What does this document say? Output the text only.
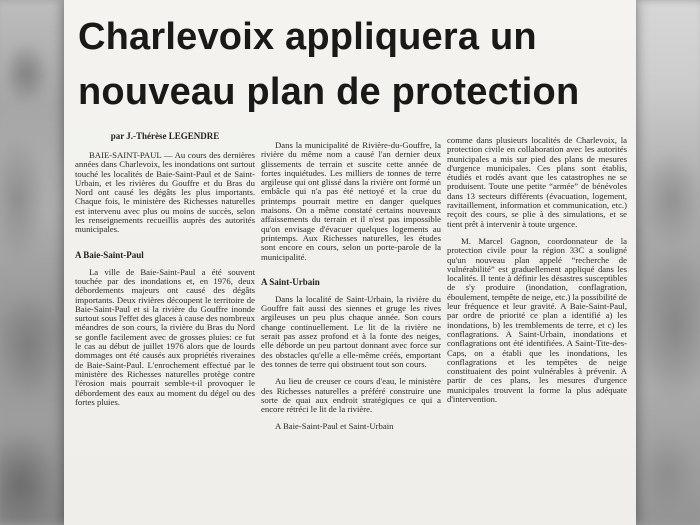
Charlevoix appliquera un
nouveau plan de protection
par J.-Thérèse LEGENDRE

BAIE-SAINT-PAUL — Au cours des dernières années dans Charlevoix, les inondations ont surtout touché les localités de Baie-Saint-Paul et de Saint-Urbain, et les rivières du Gouffre et du Bras du Nord ont causé les dégâts les plus importants. Chaque fois, le ministère des Richesses naturelles est intervenu avec plus ou moins de succès, selon les renseignements recueillis auprès des autorités municipales.

A Baie-Saint-Paul

La ville de Baie-Saint-Paul a été souvent touchée par des inondations et, en 1976, deux débordements majeurs ont causé des dégâts importants. Deux rivières découpent le territoire de Baie-Saint-Paul et si la rivière du Gouffre inonde surtout sous l'effet des glaces à cause des nombreux méandres de son cours, la rivière du Bras du Nord se gonfle facilement avec de grosses pluies: ce fut le cas au début de juillet 1976 alors que de lourds dommages ont été causés aux propriétés riveraines de Baie-Saint-Paul. L'enrochement effectué par le ministère des Richesses naturelles protège contre l'érosion mais pourrait semble-t-il provoquer le débordement des eaux au moment du dégel ou des fortes pluies.

Dans la municipalité de Rivière-du-Gouffre, la rivière du même nom a causé l'an dernier deux glissements de terrain et suscite cette année de fortes inquiétudes. Les milliers de tonnes de terre argileuse qui ont glissé dans la rivière ont formé un embâcle qui n'a pas été nettoyé et la crue du printemps pourrait mettre en danger quelques maisons. On a même constaté certains nouveaux affaissements du terrain et il n'est pas impossible qu'on envisage d'évacuer quelques logements au printemps. Aux Richesses naturelles, les études sont encore en cours, selon un porte-parole de la municipalité.

A Saint-Urbain

Dans la localité de Saint-Urbain, la rivière du Gouffre fait aussi des siennes et gruge les rives argileuses un peu plus chaque année. Son cours change continuellement. Le lit de la rivière ne serait pas assez profond et à la fonte des neiges, elle déborde un peu partout donnant avec force sur des obstacles qu'elle a elle-même créés, emportant des tonnes de terre qui obstruent tout son cours.

Au lieu de creuser ce cours d'eau, le ministère des Richesses naturelles a préféré construire une sorte de quai aux endroit stratégiques ce qui a encore rétréci le lit de la rivière.

A Baie-Saint-Paul et Saint-Urbain

comme dans plusieurs localités de Charlevoix, la protection civile en collaboration avec les autorités municipales a mis sur pied des plans de mesures d'urgence municipales. Ces plans sont établis, étudiés et rodés avant que les catastrophes ne se produisent. Toute une petite “armée” de bénévoles dans 13 secteurs différents (évacuation, logement, ravitaillement, information et communication, etc.) reçoit des cours, se plie à des simulations, et se tient prêt à intervenir à toute urgence.

M. Marcel Gagnon, coordonnateur de la protection civile pour la région 33C a souligné qu'un nouveau plan appelé “recherche de vulnérabilité” est graduellement appliqué dans les localités. Il tente à définir les désastres susceptibles de s'y produire (inondation, conflagration, éboulement, tempête de neige, etc.) la possibilité de leur fréquence et leur gravité. A Baie-Saint-Paul, par ordre de priorité ce plan a identifié a) les inondations, b) les tremblements de terre, et c) les conflagrations. A Saint-Urbain, inondations et conflagrations ont été identifiées. A Saint-Tite-des-Caps, on a établi que les inondations, les conflagrations et les tempêtes de neige constituaient des point vulnérables à prévenir. A partir de ces plans, les mesures d'urgence municipales trouvent la forme la plus adéquate d'intervention.
